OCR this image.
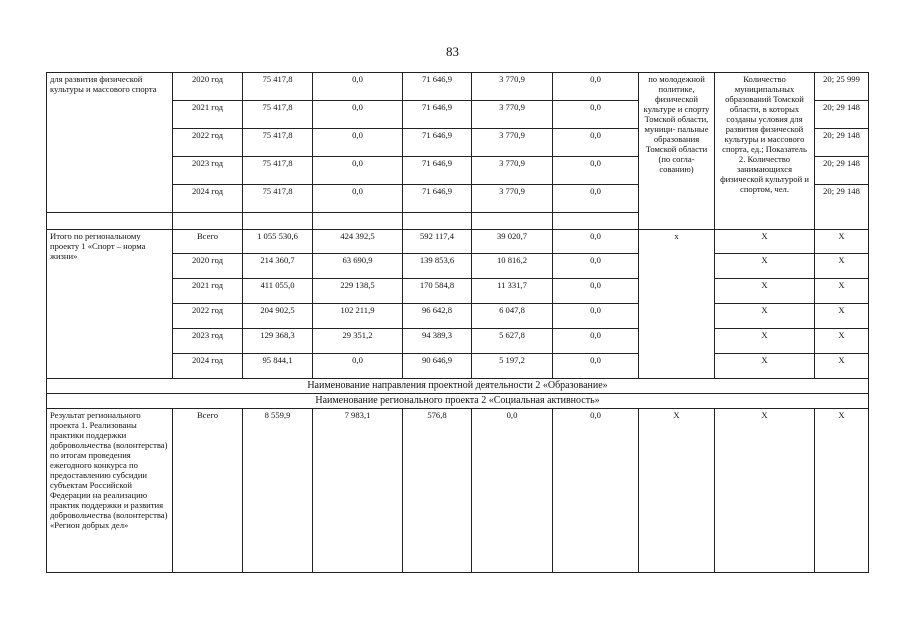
83
для развития физической культуры и массового спорта	2020 год	75 417,8	0,0	71 646,9	3 770,9	0,0	по молодежной политике, физической культуре и спорту Томской области, муници- пальные образования Томской области (по согла- сованию)	Количество муниципальных образований Томской области, в которых созданы условия для развития физической культуры и массового спорта, ед.; Показатель 2. Количество занимающихся физической культурой и спортом, чел.	20; 25 999
	2021 год	75 417,8	0,0	71 646,9	3 770,9	0,0			20; 29 148
	2022 год	75 417,8	0,0	71 646,9	3 770,9	0,0			20; 29 148
	2023 год	75 417,8	0,0	71 646,9	3 770,9	0,0			20; 29 148
	2024 год	75 417,8	0,0	71 646,9	3 770,9	0,0			20; 29 148

Итого по региональному проекту 1 «Спорт – норма жизни»	Всего	1 055 530,6	424 392,5	592 117,4	39 020,7	0,0	х	Х	Х
	2020 год	214 360,7	63 690,9	139 853,6	10 816,2	0,0		Х	Х
	2021 год	411 055,0	229 138,5	170 584,8	11 331,7	0,0		Х	Х
	2022 год	204 902,5	102 211,9	96 642,8	6 047,8	0,0		Х	Х
	2023 год	129 368,3	29 351,2	94 389,3	5 627,8	0,0		Х	Х
	2024 год	95 844,1	0,0	90 646,9	5 197,2	0,0		Х	Х
Наименование направления проектной деятельности 2 «Образование»									
Наименование регионального проекта 2 «Социальная активность»									
Результат регионального проекта 1. Реализованы практики поддержки добровольчества (волонтерства) по итогам проведения ежегодного конкурса по предоставлению субсидии субъектам Российской Федерации на реализацию практик поддержки и развития добровольчества (волонтерства) «Регион добрых дел»	Всего	8 559,9	7 983,1	576,8	0,0	0,0	Х	Х	Х
